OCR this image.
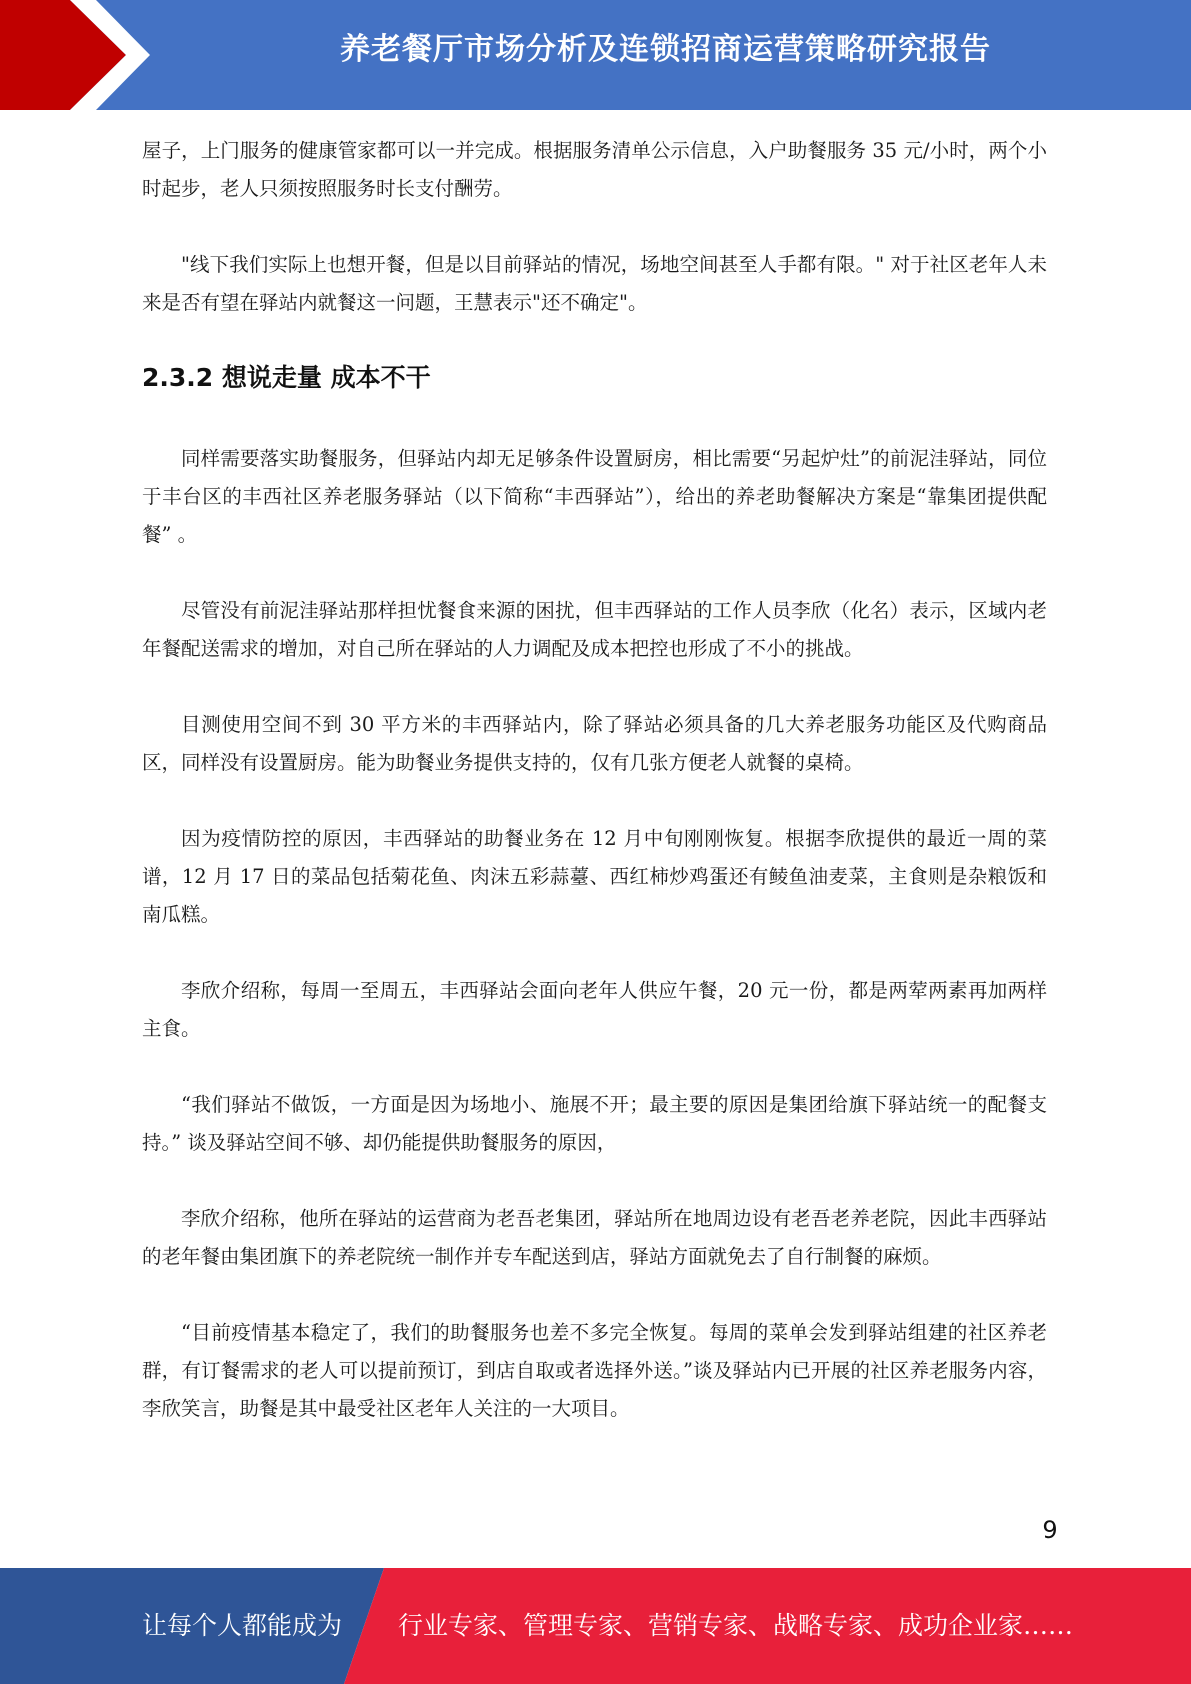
养老餐厅市场分析及连锁招商运营策略研究报告

屋子，上门服务的健康管家都可以一并完成。根据服务清单公示信息，入户助餐服务 35 元/小时，两个小时起步，老人只须按照服务时长支付酬劳。

"线下我们实际上也想开餐，但是以目前驿站的情况，场地空间甚至人手都有限。" 对于社区老年人未来是否有望在驿站内就餐这一问题，王慧表示"还不确定"。

2.3.2 想说走量 成本不干

同样需要落实助餐服务，但驿站内却无足够条件设置厨房，相比需要“另起炉灶”的前泥洼驿站，同位于丰台区的丰西社区养老服务驿站（以下简称“丰西驿站”），给出的养老助餐解决方案是“靠集团提供配餐” 。

尽管没有前泥洼驿站那样担忧餐食来源的困扰，但丰西驿站的工作人员李欣（化名）表示，区域内老年餐配送需求的增加，对自己所在驿站的人力调配及成本把控也形成了不小的挑战。

目测使用空间不到 30 平方米的丰西驿站内，除了驿站必须具备的几大养老服务功能区及代购商品区，同样没有设置厨房。能为助餐业务提供支持的，仅有几张方便老人就餐的桌椅。

因为疫情防控的原因，丰西驿站的助餐业务在 12 月中旬刚刚恢复。根据李欣提供的最近一周的菜谱，12 月 17 日的菜品包括菊花鱼、肉沫五彩蒜薹、西红柿炒鸡蛋还有鲮鱼油麦菜，主食则是杂粮饭和南瓜糕。

李欣介绍称，每周一至周五，丰西驿站会面向老年人供应午餐，20 元一份，都是两荤两素再加两样主食。

“我们驿站不做饭，一方面是因为场地小、施展不开；最主要的原因是集团给旗下驿站统一的配餐支持。” 谈及驿站空间不够、却仍能提供助餐服务的原因，

李欣介绍称，他所在驿站的运营商为老吾老集团，驿站所在地周边设有老吾老养老院，因此丰西驿站的老年餐由集团旗下的养老院统一制作并专车配送到店，驿站方面就免去了自行制餐的麻烦。

“目前疫情基本稳定了，我们的助餐服务也差不多完全恢复。每周的菜单会发到驿站组建的社区养老群，有订餐需求的老人可以提前预订，到店自取或者选择外送。”谈及驿站内已开展的社区养老服务内容，李欣笑言，助餐是其中最受社区老年人关注的一大项目。

9
让每个人都能成为 行业专家、管理专家、营销专家、战略专家、成功企业家……
